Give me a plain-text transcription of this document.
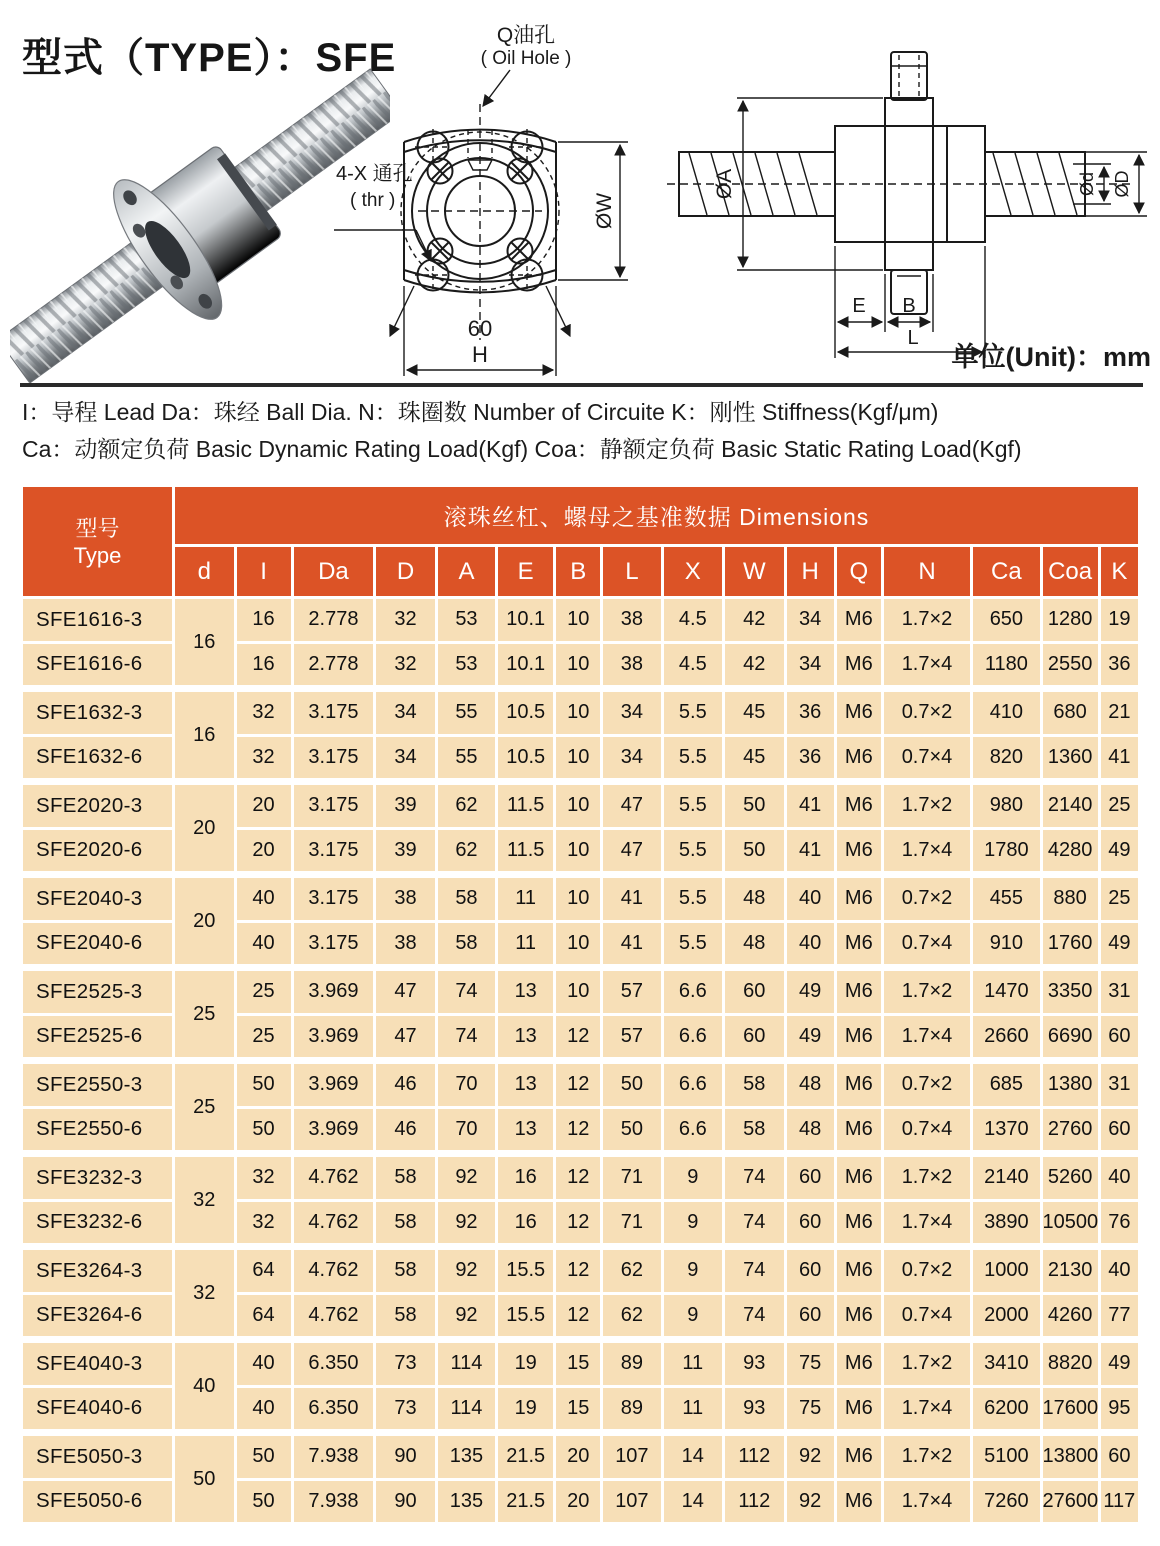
型式（TYPE）：SFE
Q油孔
( Oil Hole )
4-X 通孔
( thr )	ØW
60
H
ØA	Ød ØD
E B
L
单位(Unit)：mm
I：导程 Lead Da：珠经 Ball Dia. N：珠圈数 Number of Circuite K：刚性 Stiffness(Kgf/μm)
Ca：动额定负荷 Basic Dynamic Rating Load(Kgf) Coa：静额定负荷 Basic Static Rating Load(Kgf)
型号
Type	滚珠丝杠、螺母之基准数据 Dimensions															
	d	I	Da	D	A	E	B	L	X	W	H	Q	N	Ca	Coa	K
SFE1616-3	16	16	2.778	32	53	10.1	10	38	4.5	42	34	M6	1.7×2	650	1280	19
SFE1616-6		16	2.778	32	53	10.1	10	38	4.5	42	34	M6	1.7×4	1180	2550	36
SFE1632-3	16	32	3.175	34	55	10.5	10	34	5.5	45	36	M6	0.7×2	410	680	21
SFE1632-6		32	3.175	34	55	10.5	10	34	5.5	45	36	M6	0.7×4	820	1360	41
SFE2020-3	20	20	3.175	39	62	11.5	10	47	5.5	50	41	M6	1.7×2	980	2140	25
SFE2020-6		20	3.175	39	62	11.5	10	47	5.5	50	41	M6	1.7×4	1780	4280	49
SFE2040-3	20	40	3.175	38	58	11	10	41	5.5	48	40	M6	0.7×2	455	880	25
SFE2040-6		40	3.175	38	58	11	10	41	5.5	48	40	M6	0.7×4	910	1760	49
SFE2525-3	25	25	3.969	47	74	13	10	57	6.6	60	49	M6	1.7×2	1470	3350	31
SFE2525-6		25	3.969	47	74	13	12	57	6.6	60	49	M6	1.7×4	2660	6690	60
SFE2550-3	25	50	3.969	46	70	13	12	50	6.6	58	48	M6	0.7×2	685	1380	31
SFE2550-6		50	3.969	46	70	13	12	50	6.6	58	48	M6	0.7×4	1370	2760	60
SFE3232-3	32	32	4.762	58	92	16	12	71	9	74	60	M6	1.7×2	2140	5260	40
SFE3232-6		32	4.762	58	92	16	12	71	9	74	60	M6	1.7×4	3890	10500	76
SFE3264-3	32	64	4.762	58	92	15.5	12	62	9	74	60	M6	0.7×2	1000	2130	40
SFE3264-6		64	4.762	58	92	15.5	12	62	9	74	60	M6	0.7×4	2000	4260	77
SFE4040-3	40	40	6.350	73	114	19	15	89	11	93	75	M6	1.7×2	3410	8820	49
SFE4040-6		40	6.350	73	114	19	15	89	11	93	75	M6	1.7×4	6200	17600	95
SFE5050-3	50	50	7.938	90	135	21.5	20	107	14	112	92	M6	1.7×2	5100	13800	60
SFE5050-6		50	7.938	90	135	21.5	20	107	14	112	92	M6	1.7×4	7260	27600	117
